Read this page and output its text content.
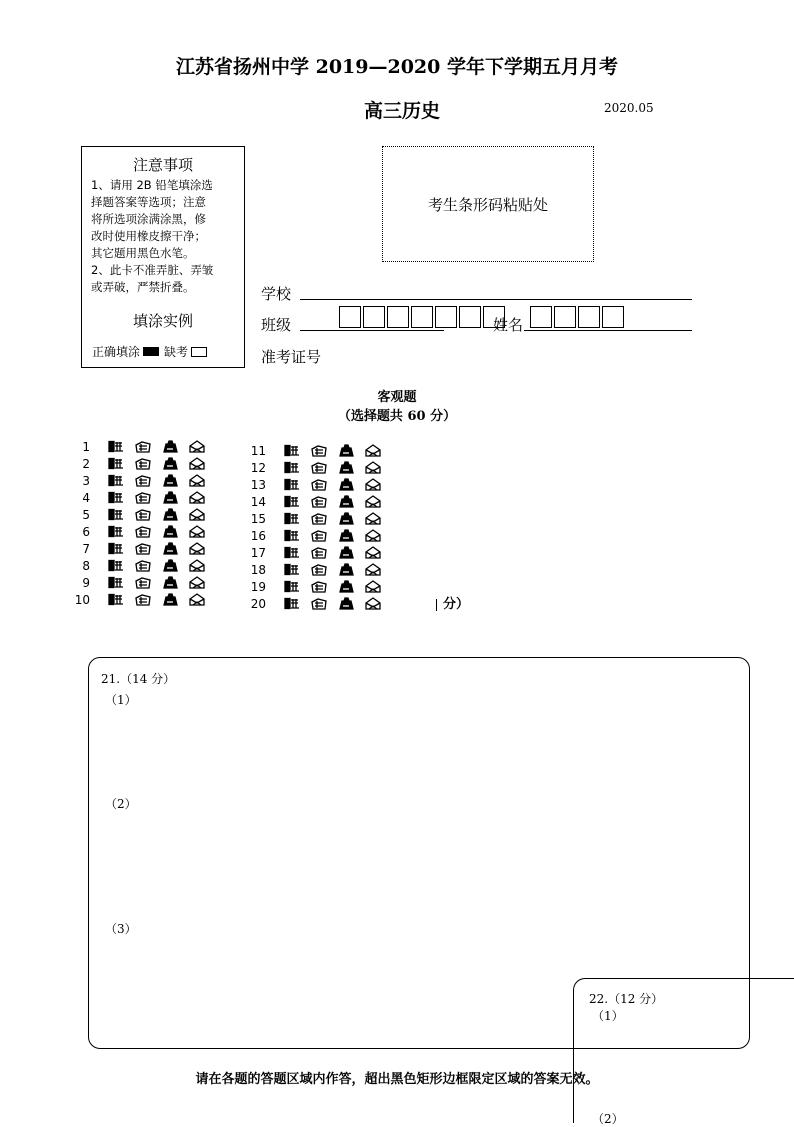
江苏省扬州中学 2019—2020 学年下学期五月月考
高三历史	2020.05
注意事项
1、请用 2B 铅笔填涂选
择题答案等选项；注意
将所选项涂满涂黑，修
改时使用橡皮擦干净；
其它题用黑色水笔。
2、此卡不准弄脏、弄皱
或弄破，严禁折叠。
填涂实例
正确填涂 缺考
考生条形码粘贴处
学校
班级	姓名
准考证号
客观题
（选择题共 60 分）
1
2
3
4
5
6
7
8
9
10
11
12
13
14
15
16
17
18
19
20	分）
21.（14 分）
（1）
（2）
（3）
22.（12 分）
（1）
（2）
请在各题的答题区域内作答，超出黑色矩形边框限定区域的答案无效。
